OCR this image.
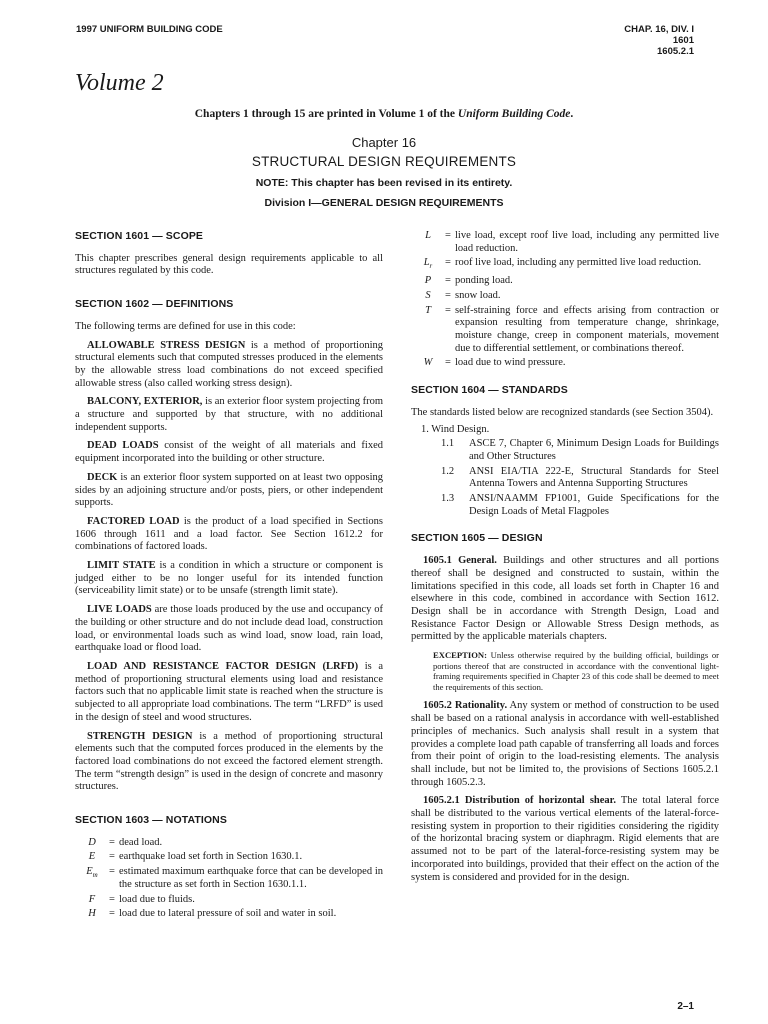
1997 UNIFORM BUILDING CODE	CHAP. 16, DIV. I
1601
1605.2.1
Volume 2
Chapters 1 through 15 are printed in Volume 1 of the Uniform Building Code.
Chapter 16
STRUCTURAL DESIGN REQUIREMENTS
NOTE: This chapter has been revised in its entirety.
Division I—GENERAL DESIGN REQUIREMENTS
SECTION 1601 — SCOPE
This chapter prescribes general design requirements applicable to all structures regulated by this code.
SECTION 1602 — DEFINITIONS
The following terms are defined for use in this code:
ALLOWABLE STRESS DESIGN is a method of proportioning structural elements such that computed stresses produced in the elements by the allowable stress load combinations do not exceed specified allowable stress (also called working stress design).
BALCONY, EXTERIOR, is an exterior floor system projecting from a structure and supported by that structure, with no additional independent supports.
DEAD LOADS consist of the weight of all materials and fixed equipment incorporated into the building or other structure.
DECK is an exterior floor system supported on at least two opposing sides by an adjoining structure and/or posts, piers, or other independent supports.
FACTORED LOAD is the product of a load specified in Sections 1606 through 1611 and a load factor. See Section 1612.2 for combinations of factored loads.
LIMIT STATE is a condition in which a structure or component is judged either to be no longer useful for its intended function (serviceability limit state) or to be unsafe (strength limit state).
LIVE LOADS are those loads produced by the use and occupancy of the building or other structure and do not include dead load, construction load, or environmental loads such as wind load, snow load, rain load, earthquake load or flood load.
LOAD AND RESISTANCE FACTOR DESIGN (LRFD) is a method of proportioning structural elements using load and resistance factors such that no applicable limit state is reached when the structure is subjected to all appropriate load combinations. The term “LRFD” is used in the design of steel and wood structures.
STRENGTH DESIGN is a method of proportioning structural elements such that the computed forces produced in the elements by the factored load combinations do not exceed the factored element strength. The term “strength design” is used in the design of concrete and masonry structures.
SECTION 1603 — NOTATIONS
D	= dead load.
E	= earthquake load set forth in Section 1630.1.
$E_m$	= estimated maximum earthquake force that can be developed in the structure as set forth in Section 1630.1.1.
F	= load due to fluids.
H	= load due to lateral pressure of soil and water in soil.
L	= live load, except roof live load, including any permitted live load reduction.
$L_r$	= roof live load, including any permitted live load reduction.
P	= ponding load.
S	= snow load.
T	= self-straining force and effects arising from contraction or expansion resulting from temperature change, shrinkage, moisture change, creep in component materials, movement due to differential settlement, or combinations thereof.
W	= load due to wind pressure.
SECTION 1604 — STANDARDS
The standards listed below are recognized standards (see Section 3504).
1. Wind Design.
1.1	ASCE 7, Chapter 6, Minimum Design Loads for Buildings and Other Structures
1.2	ANSI EIA/TIA 222-E, Structural Standards for Steel Antenna Towers and Antenna Supporting Structures
1.3	ANSI/NAAMM FP1001, Guide Specifications for the Design Loads of Metal Flagpoles
SECTION 1605 — DESIGN
1605.1 General. Buildings and other structures and all portions thereof shall be designed and constructed to sustain, within the limitations specified in this code, all loads set forth in Chapter 16 and elsewhere in this code, combined in accordance with Section 1612. Design shall be in accordance with Strength Design, Load and Resistance Factor Design or Allowable Stress Design methods, as permitted by the applicable materials chapters.
EXCEPTION: Unless otherwise required by the building official, buildings or portions thereof that are constructed in accordance with the conventional light-framing requirements specified in Chapter 23 of this code shall be deemed to meet the requirements of this section.
1605.2 Rationality. Any system or method of construction to be used shall be based on a rational analysis in accordance with well-established principles of mechanics. Such analysis shall result in a system that provides a complete load path capable of transferring all loads and forces from their point of origin to the load-resisting elements. The analysis shall include, but not be limited to, the provisions of Sections 1605.2.1 through 1605.2.3.
1605.2.1 Distribution of horizontal shear. The total lateral force shall be distributed to the various vertical elements of the lateral-force-resisting system in proportion to their rigidities considering the rigidity of the horizontal bracing system or diaphragm. Rigid elements that are assumed not to be part of the lateral-force-resisting system may be incorporated into buildings, provided that their effect on the action of the system is considered and provided for in the design.
2–1
